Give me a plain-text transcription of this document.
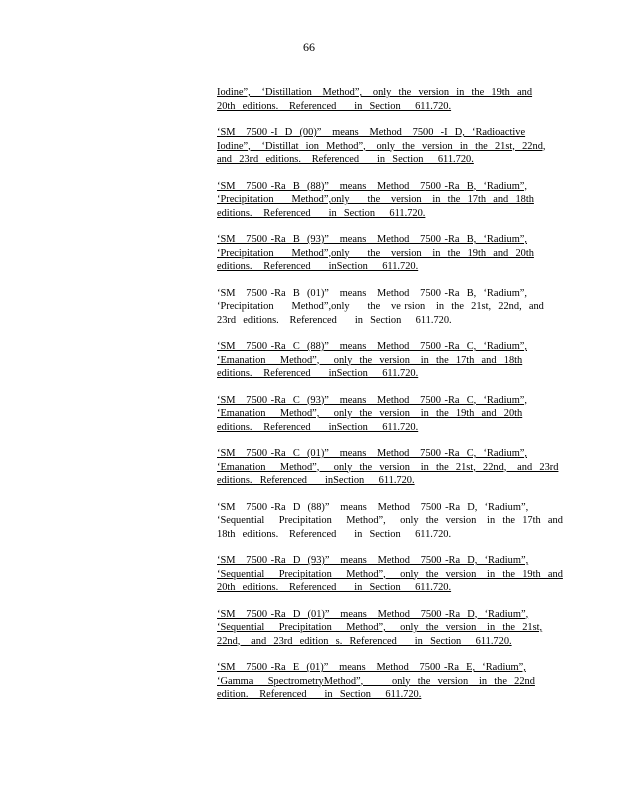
66

Iodine”,   ‘Distillation   Method”,   only  the  version  in  the  19th  and
20th  editions.   Referenced     in  Section    611.720.

‘SM   7500 -I  D  (00)”   means   Method   7500  -I  D,  ‘Radioactive
Iodine”,   ‘Distillat  ion  Method”,   only  the  version  in  the  21st,  22nd,
and  23rd  editions.   Referenced     in  Section    611.720.

‘SM   7500 -Ra  B  (88)”   means   Method   7500 -Ra  B,  ‘Radium”,
‘Precipitation     Method”,only     the   version   in  the  17th  and  18th
editions.   Referenced     in  Section    611.720.

‘SM   7500 -Ra  B  (93)”   means   Method   7500 -Ra  B,  ‘Radium”,
‘Precipitation     Method”,only     the   version   in  the  19th  and  20th
editions.   Referenced     inSection    611.720.

‘SM   7500 -Ra  B  (01)”   means   Method   7500 -Ra  B,  ‘Radium”,
‘Precipitation     Method”,only     the   ve rsion   in  the  21st,  22nd,  and
23rd  editions.   Referenced     in  Section    611.720.

‘SM   7500 -Ra  C  (88)”   means   Method   7500 -Ra  C,  ‘Radium”,
‘Emanation    Method”,    only  the  version   in  the  17th  and  18th
editions.   Referenced     inSection    611.720.

‘SM   7500 -Ra  C  (93)”   means   Method   7500 -Ra  C,  ‘Radium”,
‘Emanation    Method”,    only  the  version   in  the  19th  and  20th
editions.   Referenced     inSection    611.720.

‘SM   7500 -Ra  C  (01)”   means   Method   7500 -Ra  C,  ‘Radium”,
‘Emanation    Method”,    only  the  version   in  the  21st,  22nd,   and  23rd
editions.  Referenced     inSection    611.720.

‘SM   7500 -Ra  D  (88)”   means   Method   7500 -Ra  D,  ‘Radium”,
‘Sequential    Precipitation    Method”,    only  the  version   in  the  17th  and
18th  editions.   Referenced     in  Section    611.720.

‘SM   7500 -Ra  D  (93)”   means   Method   7500 -Ra  D,  ‘Radium”,
‘Sequential    Precipitation    Method”,    only  the  version   in  the  19th  and
20th  editions.   Referenced     in  Section    611.720.

‘SM   7500 -Ra  D  (01)”   means   Method   7500 -Ra  D,  ‘Radium”,
‘Sequential    Precipitation    Method”,    only  the  version   in  the  21st,
22nd,   and  23rd  edition  s.  Referenced     in  Section    611.720.

‘SM   7500 -Ra  E  (01)”   means   Method   7500 -Ra  E,  ‘Radium”,
‘Gamma    SpectrometryMethod”,        only  the  version   in  the  22nd
edition.   Referenced     in  Section    611.720.
